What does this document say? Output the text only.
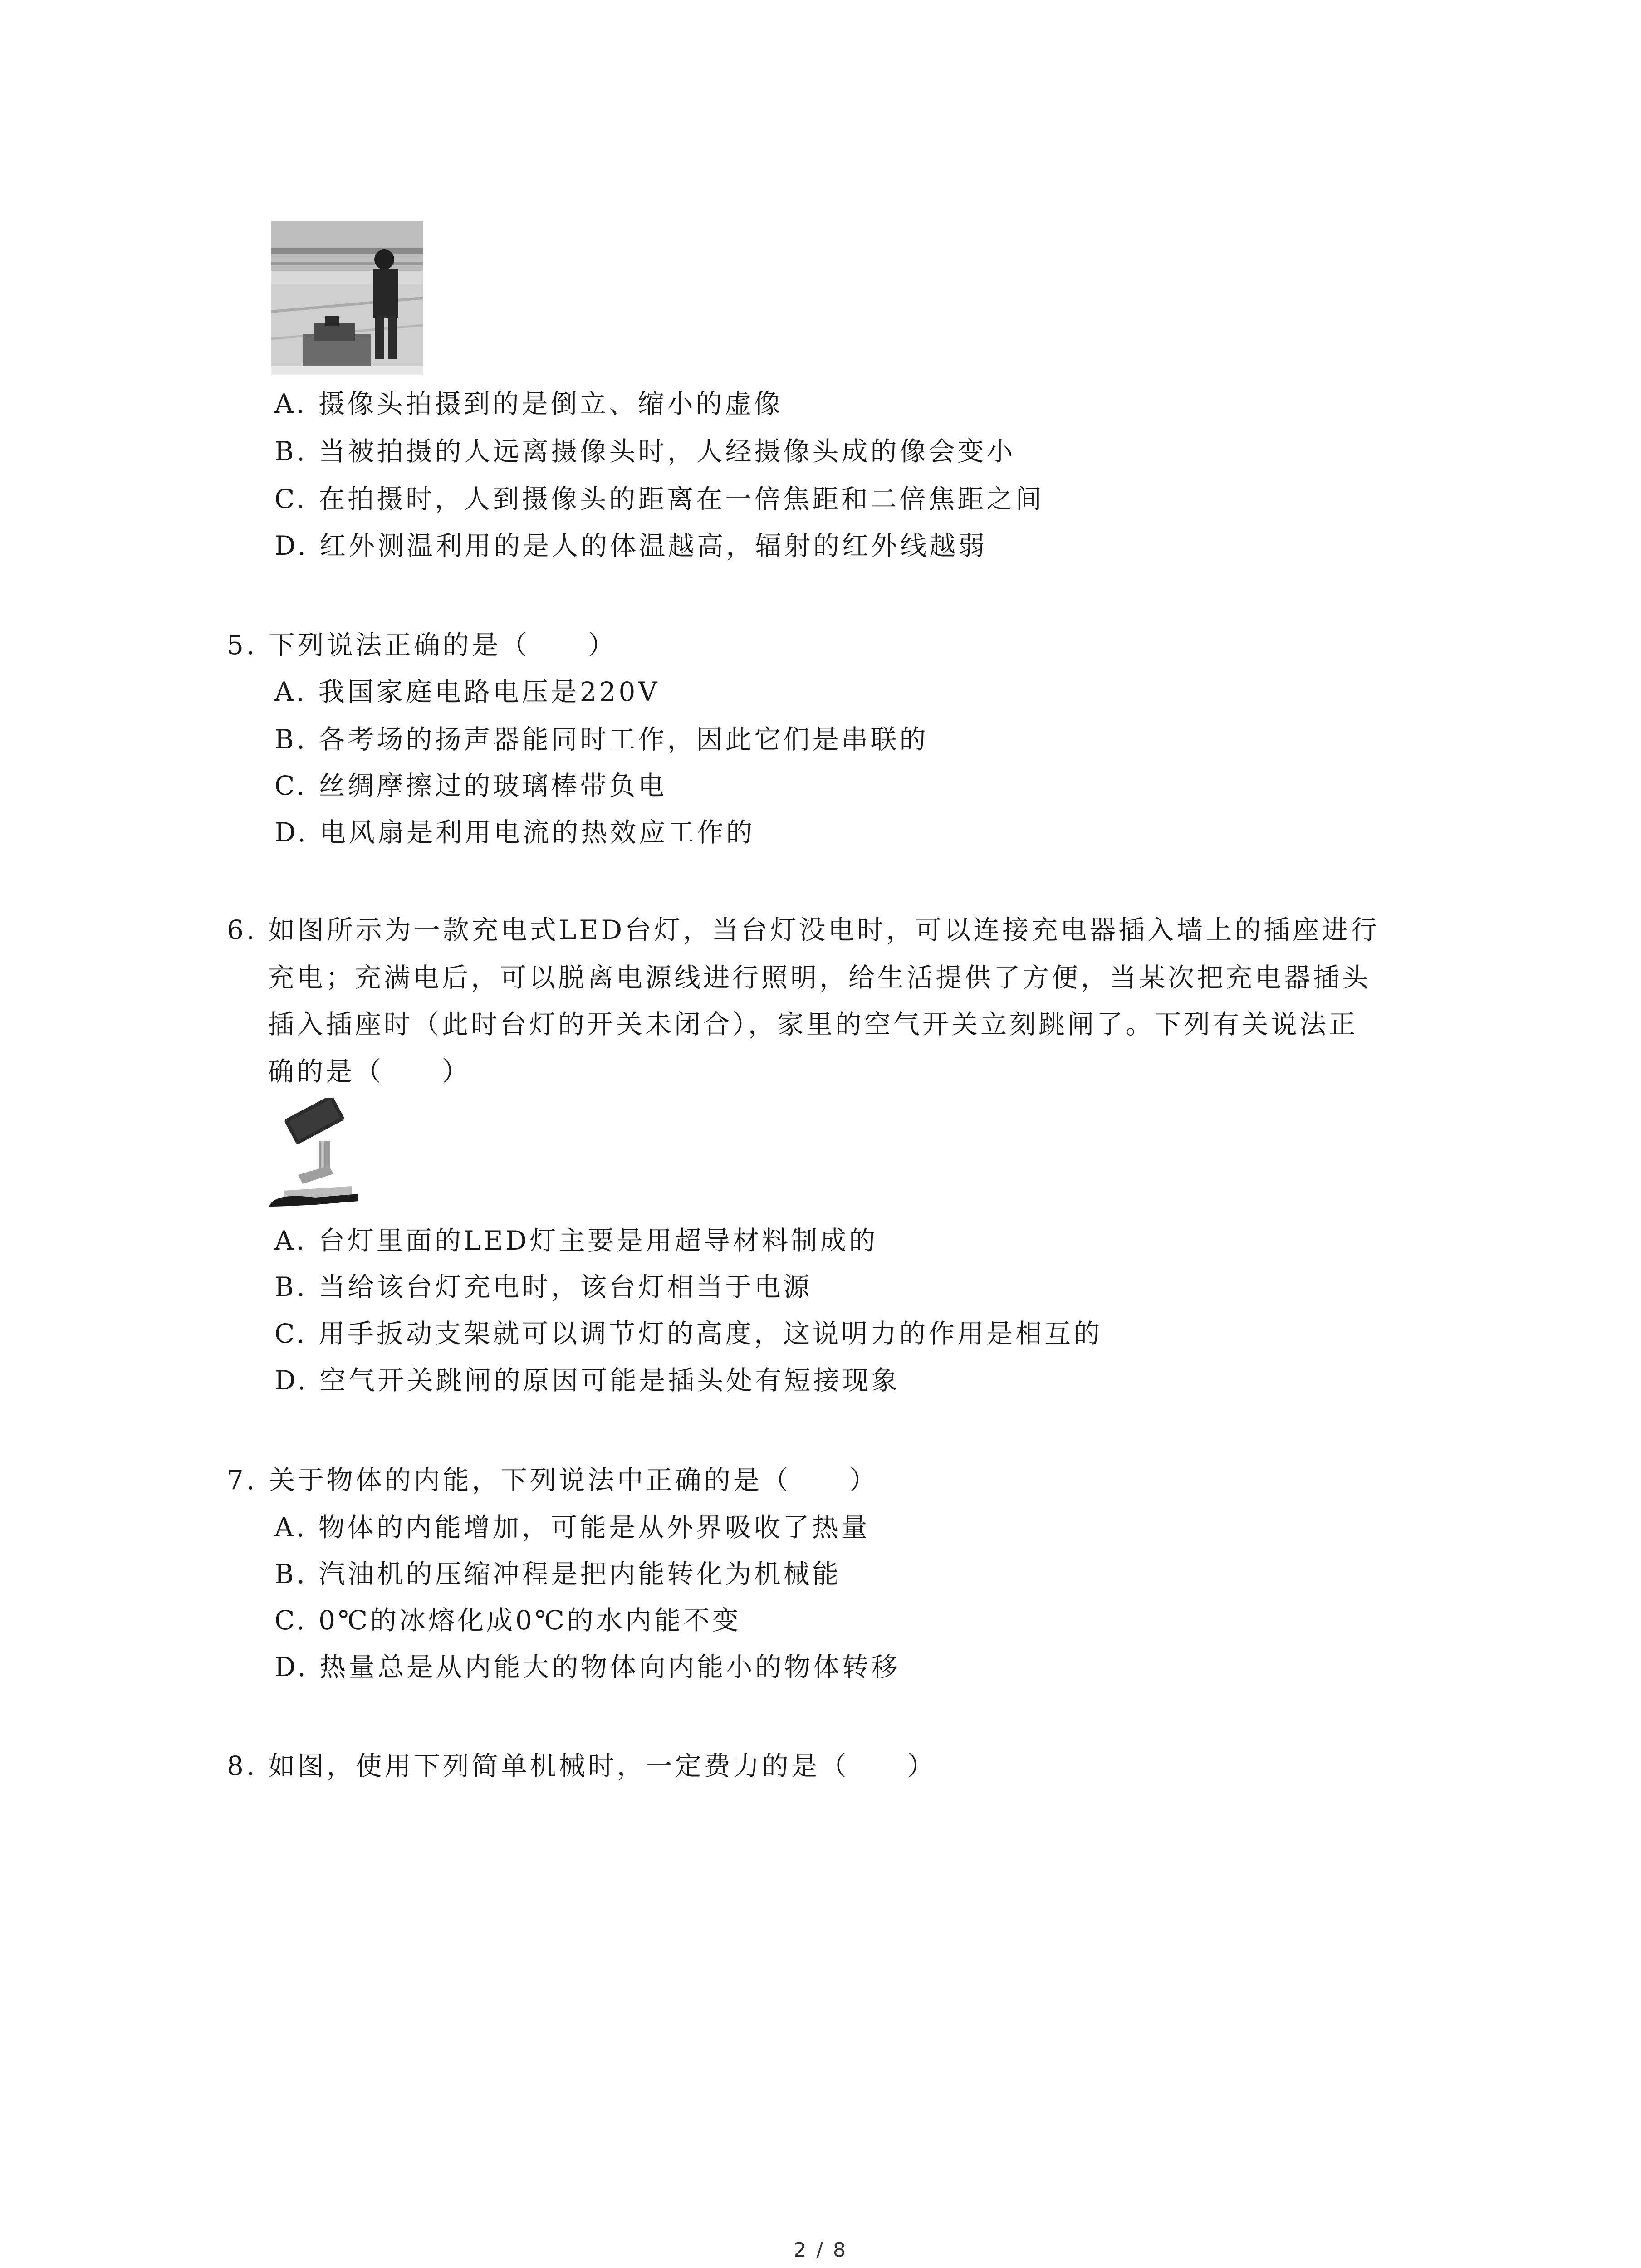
A. 摄像头拍摄到的是倒立、缩小的虚像
B. 当被拍摄的人远离摄像头时，人经摄像头成的像会变小
C. 在拍摄时，人到摄像头的距离在一倍焦距和二倍焦距之间
D. 红外测温利用的是人的体温越高，辐射的红外线越弱
5. 下列说法正确的是（　　）
A. 我国家庭电路电压是220V
B. 各考场的扬声器能同时工作，因此它们是串联的
C. 丝绸摩擦过的玻璃棒带负电
D. 电风扇是利用电流的热效应工作的
6. 如图所示为一款充电式LED台灯，当台灯没电时，可以连接充电器插入墙上的插座进行
充电；充满电后，可以脱离电源线进行照明，给生活提供了方便，当某次把充电器插头
插入插座时（此时台灯的开关未闭合），家里的空气开关立刻跳闸了。下列有关说法正
确的是（　　）
A. 台灯里面的LED灯主要是用超导材料制成的
B. 当给该台灯充电时，该台灯相当于电源
C. 用手扳动支架就可以调节灯的高度，这说明力的作用是相互的
D. 空气开关跳闸的原因可能是插头处有短接现象
7. 关于物体的内能，下列说法中正确的是（　　）
A. 物体的内能增加，可能是从外界吸收了热量
B. 汽油机的压缩冲程是把内能转化为机械能
C. 0℃的冰熔化成0℃的水内能不变
D. 热量总是从内能大的物体向内能小的物体转移
8. 如图，使用下列简单机械时，一定费力的是（　　）
2 / 8
